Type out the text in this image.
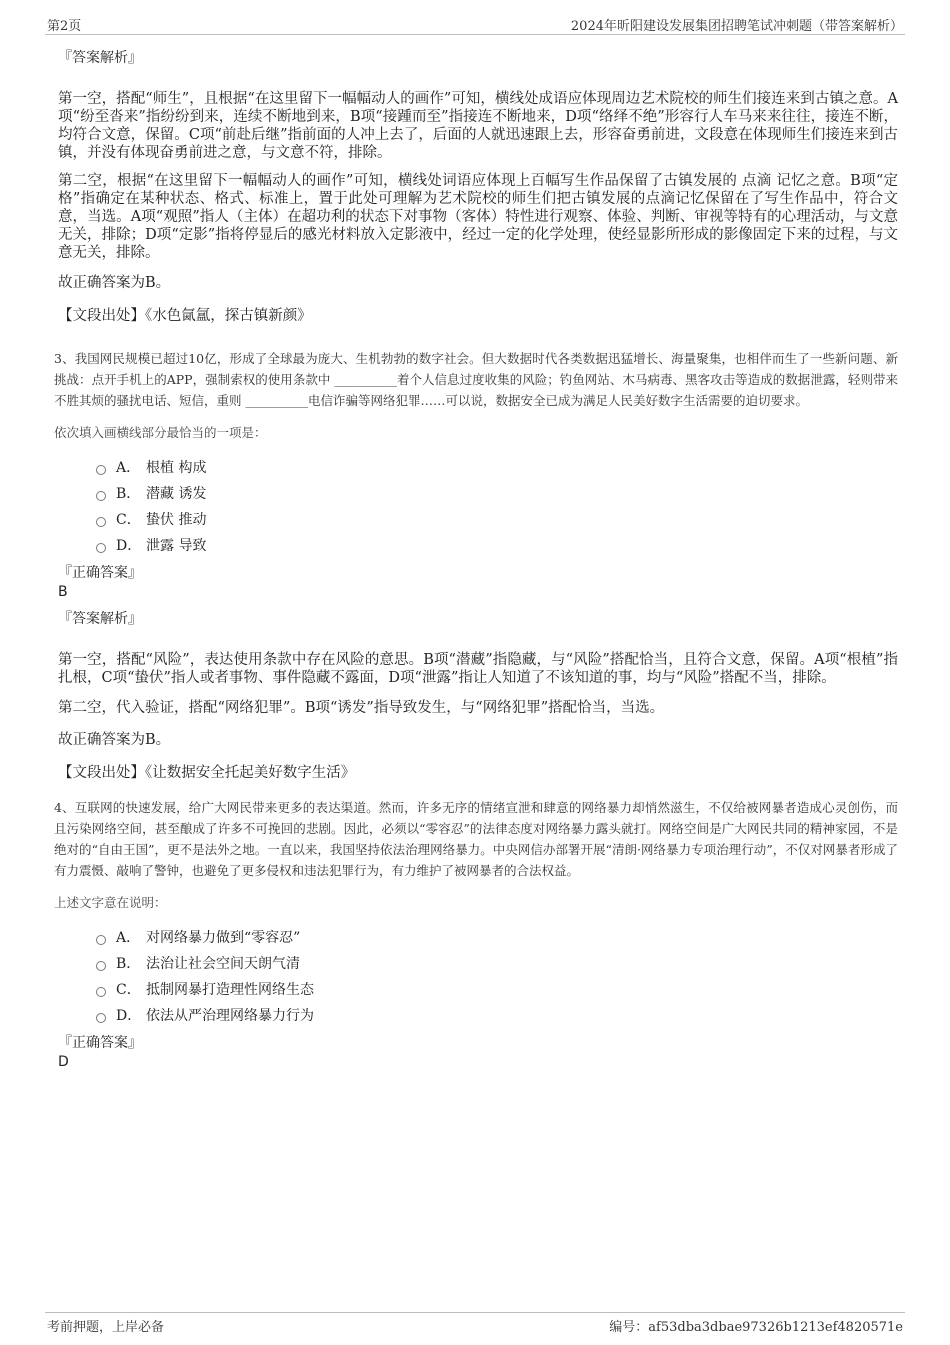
第2页	2024年昕阳建设发展集团招聘笔试冲刺题（带答案解析）
『答案解析』

第一空，搭配“师生”，且根据“在这里留下一幅幅动人的画作”可知，横线处成语应体现周边艺术院校的师生们接连来到古镇之意。A项“纷至沓来”指纷纷到来，连续不断地到来，B项“接踵而至”指接连不断地来，D项“络绎不绝”形容行人车马来来往往，接连不断，均符合文意，保留。C项“前赴后继”指前面的人冲上去了，后面的人就迅速跟上去，形容奋勇前进，文段意在体现师生们接连来到古镇，并没有体现奋勇前进之意，与文意不符，排除。

第二空，根据“在这里留下一幅幅动人的画作”可知，横线处词语应体现上百幅写生作品保留了古镇发展的 点滴 记忆之意。B项“定格”指确定在某种状态、格式、标准上，置于此处可理解为艺术院校的师生们把古镇发展的点滴记忆保留在了写生作品中，符合文意，当选。A项“观照”指人（主体）在超功利的状态下对事物（客体）特性进行观察、体验、判断、审视等特有的心理活动，与文意无关，排除；D项“定影”指将停显后的感光材料放入定影液中，经过一定的化学处理，使经显影所形成的影像固定下来的过程，与文意无关，排除。

故正确答案为B。

【文段出处】《水色氤氲，探古镇新颜》

3、我国网民规模已超过10亿，形成了全球最为庞大、生机勃勃的数字社会。但大数据时代各类数据迅猛增长、海量聚集，也相伴而生了一些新问题、新挑战：点开手机上的APP，强制索权的使用条款中 __________着个人信息过度收集的风险；钓鱼网站、木马病毒、黑客攻击等造成的数据泄露，轻则带来不胜其烦的骚扰电话、短信，重则 __________电信诈骗等网络犯罪……可以说，数据安全已成为满足人民美好数字生活需要的迫切要求。

依次填入画横线部分最恰当的一项是：

A． 根植 构成
B． 潜藏 诱发
C． 蛰伏 推动
D． 泄露 导致
『正确答案』

B

『答案解析』

第一空，搭配“风险”，表达使用条款中存在风险的意思。B项“潜藏”指隐藏，与“风险”搭配恰当，且符合文意，保留。A项“根植”指扎根，C项“蛰伏”指人或者事物、事件隐藏不露面，D项“泄露”指让人知道了不该知道的事，均与“风险”搭配不当，排除。

第二空，代入验证，搭配“网络犯罪”。B项“诱发”指导致发生，与“网络犯罪”搭配恰当，当选。

故正确答案为B。

【文段出处】《让数据安全托起美好数字生活》

4、互联网的快速发展，给广大网民带来更多的表达渠道。然而，许多无序的情绪宣泄和肆意的网络暴力却悄然滋生，不仅给被网暴者造成心灵创伤，而且污染网络空间，甚至酿成了许多不可挽回的悲剧。因此，必须以“零容忍”的法律态度对网络暴力露头就打。网络空间是广大网民共同的精神家园，不是绝对的“自由王国”，更不是法外之地。一直以来，我国坚持依法治理网络暴力。中央网信办部署开展“清朗·网络暴力专项治理行动”，不仅对网暴者形成了有力震慑、敲响了警钟，也避免了更多侵权和违法犯罪行为，有力维护了被网暴者的合法权益。

上述文字意在说明：

A． 对网络暴力做到“零容忍”
B． 法治让社会空间天朗气清
C． 抵制网暴打造理性网络生态
D． 依法从严治理网络暴力行为
『正确答案』

D

考前押题，上岸必备	编号：af53dba3dbae97326b1213ef4820571e
